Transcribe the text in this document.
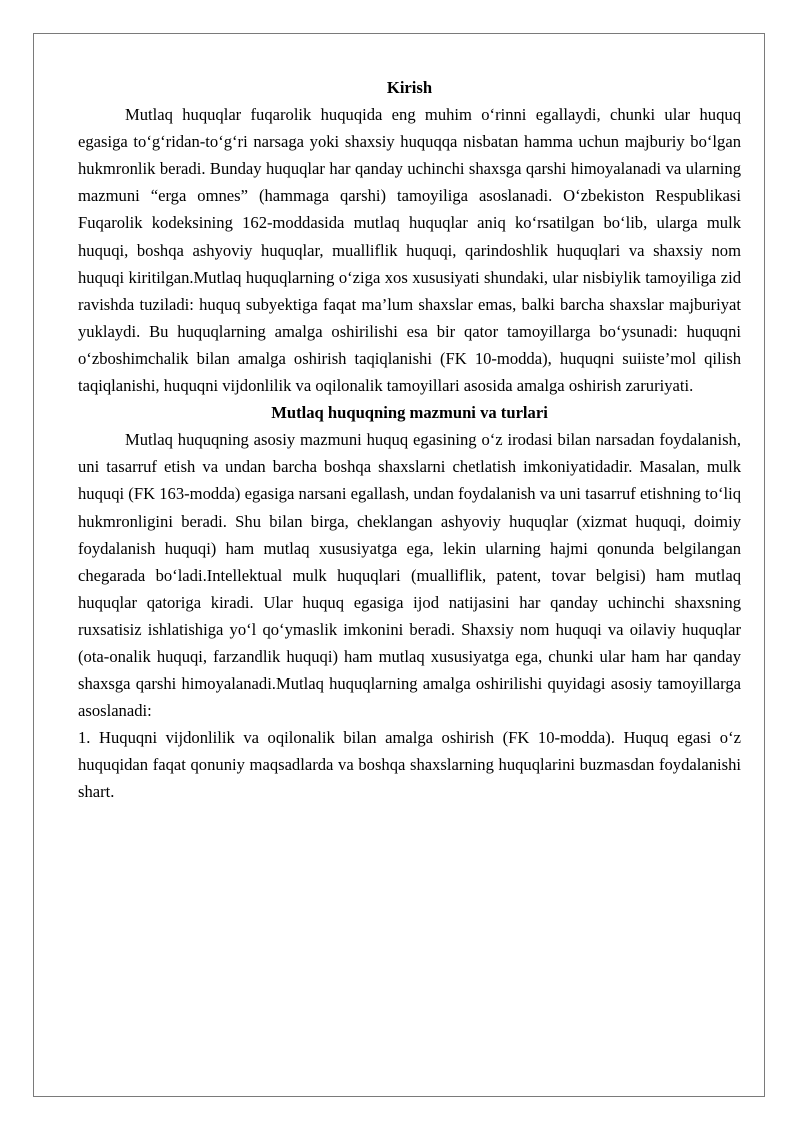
Kirish

Mutlaq huquqlar fuqarolik huquqida eng muhim o‘rinni egallaydi, chunki ular huquq egasiga to‘g‘ridan-to‘g‘ri narsaga yoki shaxsiy huquqqa nisbatan hamma uchun majburiy bo‘lgan hukmronlik beradi. Bunday huquqlar har qanday uchinchi shaxsga qarshi himoyalanadi va ularning mazmuni “erga omnes” (hammaga qarshi) tamoyiliga asoslanadi. O‘zbekiston Respublikasi Fuqarolik kodeksining 162-moddasida mutlaq huquqlar aniq ko‘rsatilgan bo‘lib, ularga mulk huquqi, boshqa ashyoviy huquqlar, mualliflik huquqi, qarindoshlik huquqlari va shaxsiy nom huquqi kiritilgan.Mutlaq huquqlarning o‘ziga xos xususiyati shundaki, ular nisbiylik tamoyiliga zid ravishda tuziladi: huquq subyektiga faqat ma’lum shaxslar emas, balki barcha shaxslar majburiyat yuklaydi. Bu huquqlarning amalga oshirilishi esa bir qator tamoyillarga bo‘ysunadi: huquqni o‘zboshimchalik bilan amalga oshirish taqiqlanishi (FK 10-modda), huquqni suiiste’mol qilish taqiqlanishi, huquqni vijdonlilik va oqilonalik tamoyillari asosida amalga oshirish zaruriyati.

Mutlaq huquqning mazmuni va turlari

Mutlaq huquqning asosiy mazmuni huquq egasining o‘z irodasi bilan narsadan foydalanish, uni tasarruf etish va undan barcha boshqa shaxslarni chetlatish imkoniyatidadir. Masalan, mulk huquqi (FK 163-modda) egasiga narsani egallash, undan foydalanish va uni tasarruf etishning to‘liq hukmronligini beradi. Shu bilan birga, cheklangan ashyoviy huquqlar (xizmat huquqi, doimiy foydalanish huquqi) ham mutlaq xususiyatga ega, lekin ularning hajmi qonunda belgilangan chegarada bo‘ladi.Intellektual mulk huquqlari (mualliflik, patent, tovar belgisi) ham mutlaq huquqlar qatoriga kiradi. Ular huquq egasiga ijod natijasini har qanday uchinchi shaxsning ruxsatisiz ishlatishiga yo‘l qo‘ymaslik imkonini beradi. Shaxsiy nom huquqi va oilaviy huquqlar (ota-onalik huquqi, farzandlik huquqi) ham mutlaq xususiyatga ega, chunki ular ham har qanday shaxsga qarshi himoyalanadi.Mutlaq huquqlarning amalga oshirilishi quyidagi asosiy tamoyillarga asoslanadi:

1. Huquqni vijdonlilik va oqilonalik bilan amalga oshirish (FK 10-modda). Huquq egasi o‘z huquqidan faqat qonuniy maqsadlarda va boshqa shaxslarning huquqlarini buzmasdan foydalanishi shart.
